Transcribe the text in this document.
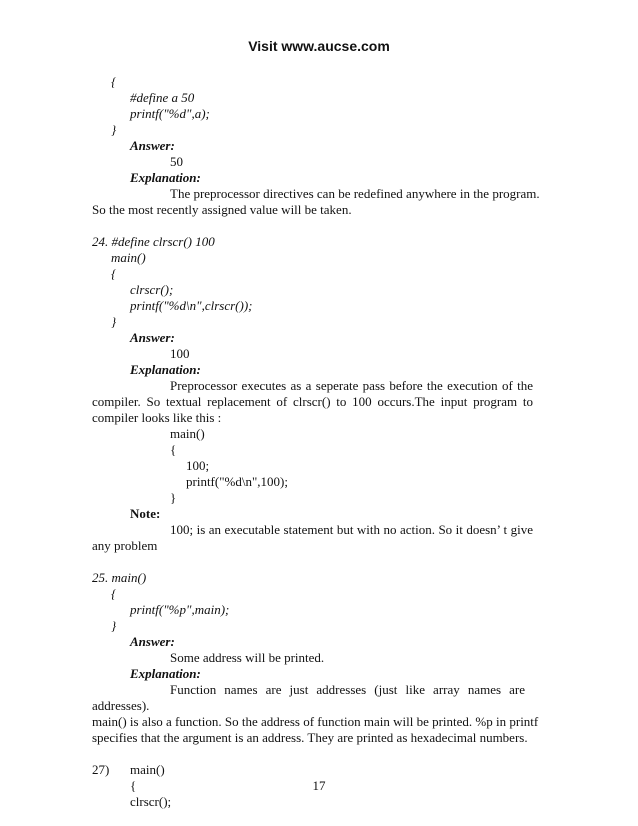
Visit www.aucse.com
{
#define a 50
printf("%d",a);
}
Answer:
50
Explanation:
The preprocessor directives can be redefined anywhere in the program.
So the most recently assigned value will be taken.
24. #define clrscr() 100
main()
{
clrscr();
printf("%d\n",clrscr());
}
Answer:
100
Explanation:
Preprocessor executes as a seperate pass before the execution of the
compiler. So textual replacement of clrscr() to 100 occurs.The input program to
compiler looks like this :
main()
{
100;
printf("%d\n",100);
}
Note:
100; is an executable statement but with no action. So it doesn’ t give
any problem
25. main()
{
printf("%p",main);
}
Answer:
Some address will be printed.
Explanation:
Function names are just addresses (just like array names are
addresses).
main() is also a function. So the address of function main will be printed. %p in printf
specifies that the argument is an address. They are printed as hexadecimal numbers.
27) main()
{
clrscr();
17
